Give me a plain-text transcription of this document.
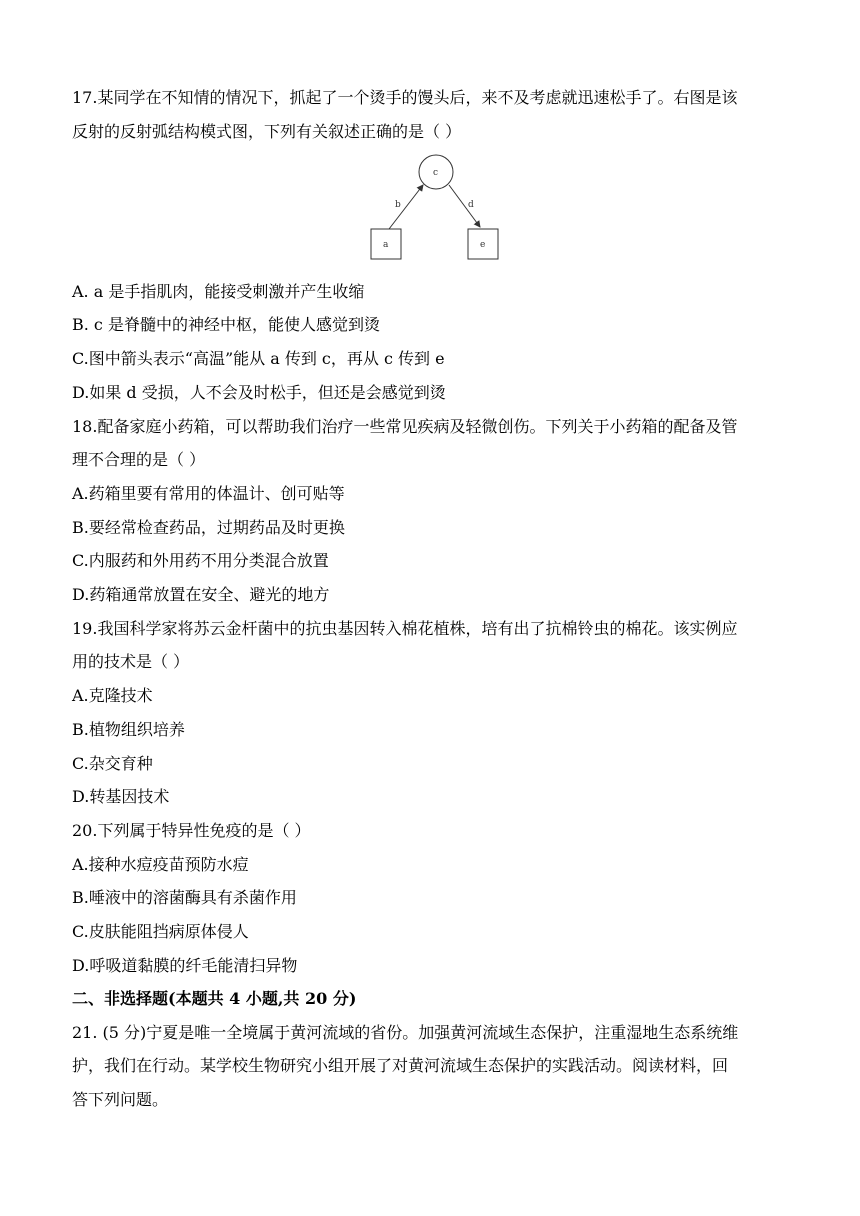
17.某同学在不知情的情况下，抓起了一个烫手的馒头后，来不及考虑就迅速松手了。右图是该
反射的反射弧结构模式图，下列有关叙述正确的是（ ）
c
a	e
b	d
A. a 是手指肌肉，能接受刺激并产生收缩
B. c 是脊髓中的神经中枢，能使人感觉到烫
C.图中箭头表示“高温”能从 a 传到 c，再从 c 传到 e
D.如果 d 受损，人不会及时松手，但还是会感觉到烫
18.配备家庭小药箱，可以帮助我们治疗一些常见疾病及轻微创伤。下列关于小药箱的配备及管
理不合理的是（ ）
A.药箱里要有常用的体温计、创可贴等
B.要经常检查药品，过期药品及时更换
C.内服药和外用药不用分类混合放置
D.药箱通常放置在安全、避光的地方
19.我国科学家将苏云金杆菌中的抗虫基因转入棉花植株，培有出了抗棉铃虫的棉花。该实例应
用的技术是（ ）
A.克隆技术
B.植物组织培养
C.杂交育种
D.转基因技术
20.下列属于特异性免疫的是（ ）
A.接种水痘疫苗预防水痘
B.唾液中的溶菌酶具有杀菌作用
C.皮肤能阻挡病原体侵人
D.呼吸道黏膜的纤毛能清扫异物
二、非选择题(本题共 4 小题,共 20 分)
21. (5 分)宁夏是唯一全境属于黄河流域的省份。加强黄河流域生态保护，注重湿地生态系统维
护，我们在行动。某学校生物研究小组开展了对黄河流域生态保护的实践活动。阅读材料，回
答下列问题。
